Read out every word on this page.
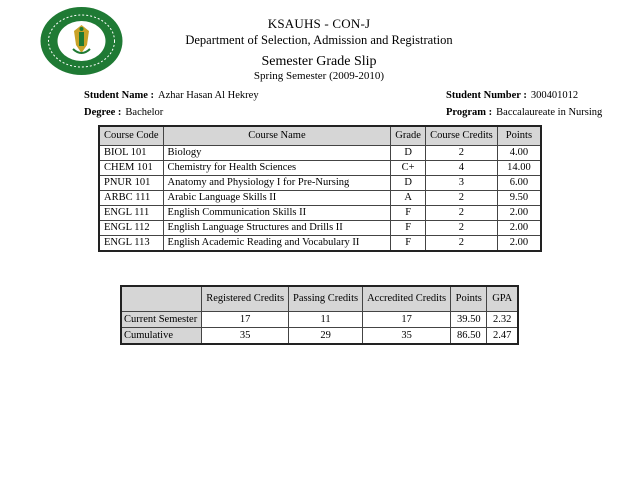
KSAUHS - CON-J
Department of Selection, Admission and Registration
Semester Grade Slip
Spring Semester (2009-2010)
Student Name : Azhar Hasan Al Hekrey	Student Number : 300401012
Degree : Bachelor	Program : Baccalaureate in Nursing
Course Code	Course Name	Grade	Course Credits	Points
BIOL 101	Biology	D	2	4.00
CHEM 101	Chemistry for Health Sciences	C+	4	14.00
PNUR 101	Anatomy and Physiology I for Pre-Nursing	D	3	6.00
ARBC 111	Arabic Language Skills II	A	2	9.50
ENGL 111	English Communication Skills II	F	2	2.00
ENGL 112	English Language Structures and Drills II	F	2	2.00
ENGL 113	English Academic Reading and Vocabulary II	F	2	2.00
	Registered Credits	Passing Credits	Accredited Credits	Points	GPA
Current Semester	17	11	17	39.50	2.32
Cumulative	35	29	35	86.50	2.47
